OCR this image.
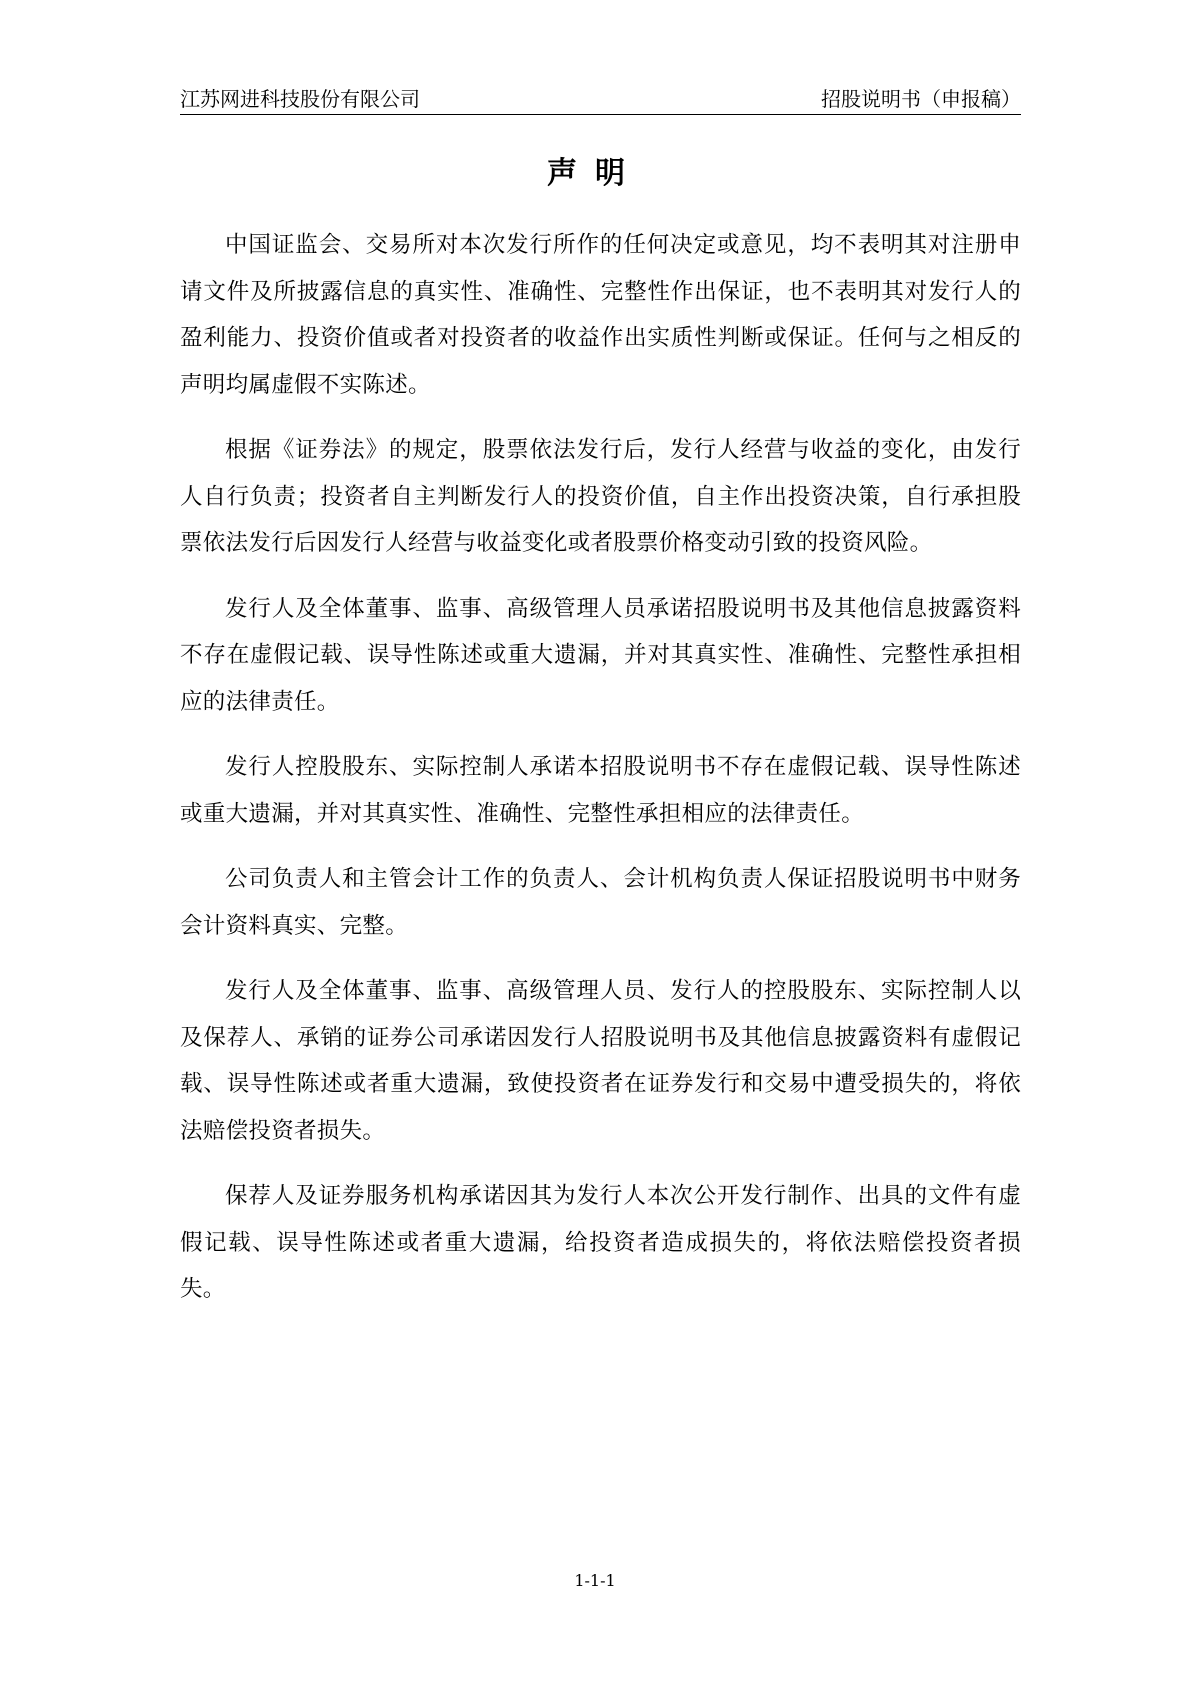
江苏网进科技股份有限公司	招股说明书（申报稿）
声明

中国证监会、交易所对本次发行所作的任何决定或意见，均不表明其对注册申请文件及所披露信息的真实性、准确性、完整性作出保证，也不表明其对发行人的盈利能力、投资价值或者对投资者的收益作出实质性判断或保证。任何与之相反的声明均属虚假不实陈述。

根据《证券法》的规定，股票依法发行后，发行人经营与收益的变化，由发行人自行负责；投资者自主判断发行人的投资价值，自主作出投资决策，自行承担股票依法发行后因发行人经营与收益变化或者股票价格变动引致的投资风险。

发行人及全体董事、监事、高级管理人员承诺招股说明书及其他信息披露资料不存在虚假记载、误导性陈述或重大遗漏，并对其真实性、准确性、完整性承担相应的法律责任。

发行人控股股东、实际控制人承诺本招股说明书不存在虚假记载、误导性陈述或重大遗漏，并对其真实性、准确性、完整性承担相应的法律责任。

公司负责人和主管会计工作的负责人、会计机构负责人保证招股说明书中财务会计资料真实、完整。

发行人及全体董事、监事、高级管理人员、发行人的控股股东、实际控制人以及保荐人、承销的证券公司承诺因发行人招股说明书及其他信息披露资料有虚假记载、误导性陈述或者重大遗漏，致使投资者在证券发行和交易中遭受损失的，将依法赔偿投资者损失。

保荐人及证券服务机构承诺因其为发行人本次公开发行制作、出具的文件有虚假记载、误导性陈述或者重大遗漏，给投资者造成损失的，将依法赔偿投资者损失。

1-1-1
